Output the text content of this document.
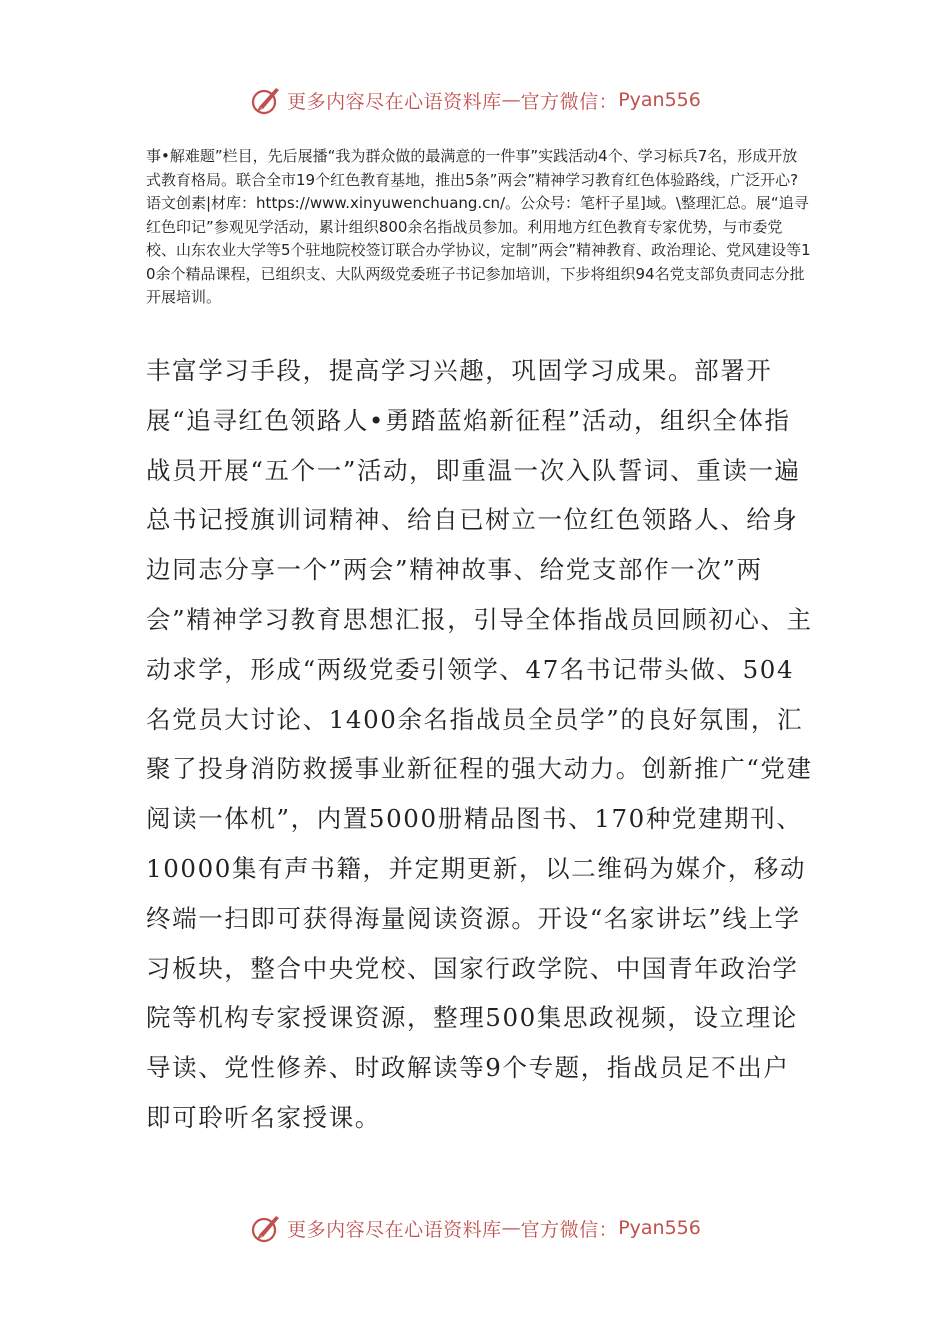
更多内容尽在心语资料库 — 官方微信： Pyan556

事•解难题”栏目，先后展播“我为群众做的最满意的一件事”实践活动4个、学习标兵7名，形成开放式教育格局。联合全市19个红色教育基地，推出5条”两会”精神学习教育红色体验路线，广泛开心?语文创素|材库：https://www.xinyuwenchuang.cn/。公众号：笔杆子星]域。\整理汇总。展“追寻红色印记”参观见学活动，累计组织800余名指战员参加。利用地方红色教育专家优势，与市委党校、山东农业大学等5个驻地院校签订联合办学协议，定制”两会”精神教育、政治理论、党风建设等10余个精品课程，已组织支、大队两级党委班子书记参加培训，下步将组织94名党支部负责同志分批开展培训。

丰富学习手段，提高学习兴趣，巩固学习成果。部署开展“追寻红色领路人•勇踏蓝焰新征程”活动，组织全体指战员开展“五个一”活动，即重温一次入队誓词、重读一遍总书记授旗训词精神、给自已树立一位红色领路人、给身边同志分享一个”两会”精神故事、给党支部作一次”两会”精神学习教育思想汇报，引导全体指战员回顾初心、主动求学，形成“两级党委引领学、47名书记带头做、504名党员大讨论、1400余名指战员全员学”的良好氛围，汇聚了投身消防救援事业新征程的强大动力。创新推广“党建阅读一体机”，内置5000册精品图书、170种党建期刊、10000集有声书籍，并定期更新，以二维码为媒介，移动终端一扫即可获得海量阅读资源。开设“名家讲坛”线上学习板块，整合中央党校、国家行政学院、中国青年政治学院等机构专家授课资源，整理500集思政视频，设立理论导读、党性修养、时政解读等9个专题，指战员足不出户即可聆听名家授课。

更多内容尽在心语资料库 — 官方微信： Pyan556
